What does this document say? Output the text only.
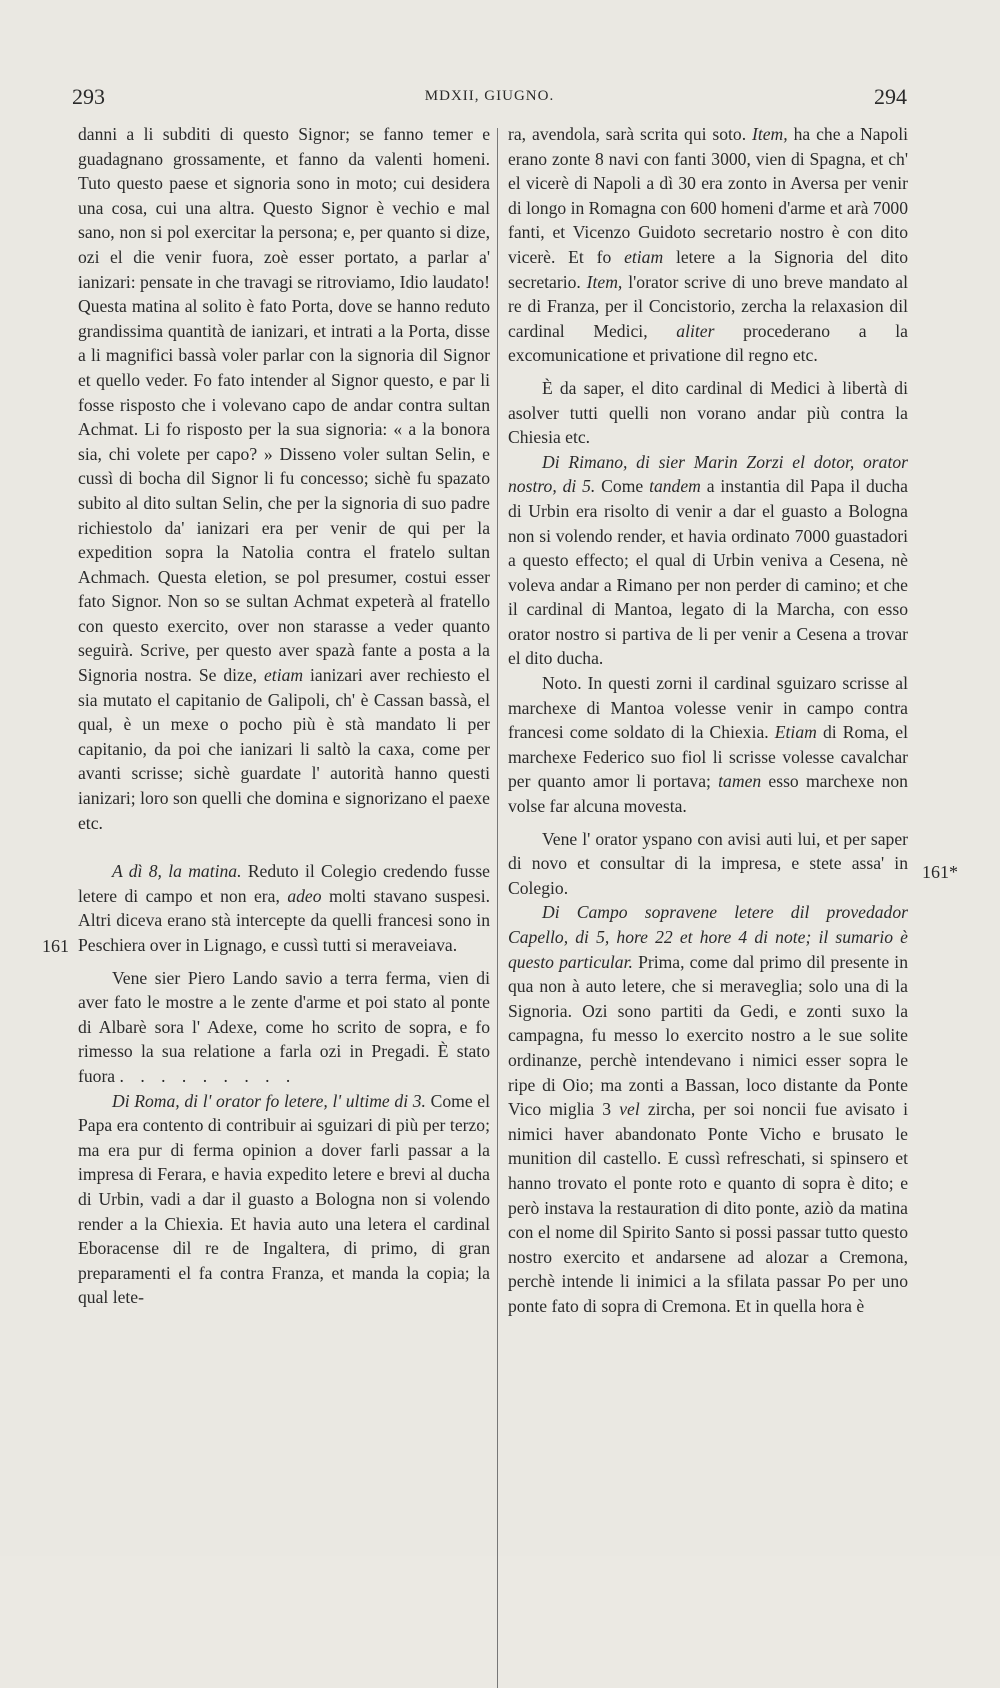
293	MDXII, GIUGNO.	294
161
161*

danni a li subditi di questo Signor; se fanno temer e guadagnano grossamente, et fanno da valenti homeni. Tuto questo paese et signoria sono in moto; cui desidera una cosa, cui una altra. Questo Signor è vechio e mal sano, non si pol exercitar la persona; e, per quanto si dize, ozi el die venir fuora, zoè esser portato, a parlar a' ianizari: pensate in che travagi se ritroviamo, Idio laudato! Questa matina al solito è fato Porta, dove se hanno reduto grandissima quantità de ianizari, et intrati a la Porta, disse a li magnifici bassà voler parlar con la signoria dil Signor et quello veder. Fo fato intender al Signor questo, e par li fosse risposto che i volevano capo de andar contra sultan Achmat. Li fo risposto per la sua signoria: « a la bonora sia, chi volete per capo? » Disseno voler sultan Selin, e cussì di bocha dil Signor li fu concesso; sichè fu spazato subito al dito sultan Selin, che per la signoria di suo padre richiestolo da' ianizari era per venir de qui per la expedition sopra la Natolia contra el fratelo sultan Achmach. Questa eletion, se pol presumer, costui esser fato Signor. Non so se sultan Achmat expeterà al fratello con questo exercito, over non starasse a veder quanto seguirà. Scrive, per questo aver spazà fante a posta a la Signoria nostra. Se dize, etiam ianizari aver rechiesto el sia mutato el capitanio de Galipoli, ch' è Cassan bassà, el qual, è un mexe o pocho più è stà mandato li per capitanio, da poi che ianizari li saltò la caxa, come per avanti scrisse; sichè guardate l' autorità hanno questi ianizari; loro son quelli che domina e signorizano el paexe etc.

A dì 8, la matina. Reduto il Colegio credendo fusse letere di campo et non era, adeo molti stavano suspesi. Altri diceva erano stà intercepte da quelli francesi sono in Peschiera over in Lignago, e cussì tutti si meraveiava.

Vene sier Piero Lando savio a terra ferma, vien di aver fato le mostre a le zente d'arme et poi stato al ponte di Albarè sora l' Adexe, come ho scrito de sopra, e fo rimesso la sua relatione a farla ozi in Pregadi. È stato fuora . . . . . . . . .

Di Roma, di l' orator fo letere, l' ultime di 3. Come el Papa era contento di contribuir ai sguizari di più per terzo; ma era pur di ferma opinion a dover farli passar a la impresa di Ferara, e havia expedito letere e brevi al ducha di Urbin, vadi a dar il guasto a Bologna non si volendo render a la Chiexia. Et havia auto una letera el cardinal Eboracense dil re de Ingaltera, di primo, di gran preparamenti el fa contra Franza, et manda la copia; la qual lete-

ra, avendola, sarà scrita qui soto. Item, ha che a Napoli erano zonte 8 navi con fanti 3000, vien di Spagna, et ch' el vicerè di Napoli a dì 30 era zonto in Aversa per venir di longo in Romagna con 600 homeni d'arme et arà 7000 fanti, et Vicenzo Guidoto secretario nostro è con dito vicerè. Et fo etiam letere a la Signoria del dito secretario. Item, l'orator scrive di uno breve mandato al re di Franza, per il Concistorio, zercha la relaxasion dil cardinal Medici, aliter procederano a la excomunicatione et privatione dil regno etc.

È da saper, el dito cardinal di Medici à libertà di asolver tutti quelli non vorano andar più contra la Chiesia etc.

Di Rimano, di sier Marin Zorzi el dotor, orator nostro, di 5. Come tandem a instantia dil Papa il ducha di Urbin era risolto di venir a dar el guasto a Bologna non si volendo render, et havia ordinato 7000 guastadori a questo effecto; el qual di Urbin veniva a Cesena, nè voleva andar a Rimano per non perder di camino; et che il cardinal di Mantoa, legato di la Marcha, con esso orator nostro si partiva de li per venir a Cesena a trovar el dito ducha.

Noto. In questi zorni il cardinal sguizaro scrisse al marchexe di Mantoa volesse venir in campo contra francesi come soldato di la Chiexia. Etiam di Roma, el marchexe Federico suo fiol li scrisse volesse cavalchar per quanto amor li portava; tamen esso marchexe non volse far alcuna movesta.

Vene l' orator yspano con avisi auti lui, et per saper di novo et consultar di la impresa, e stete assa' in Colegio.

Di Campo sopravene letere dil provedador Capello, di 5, hore 22 et hore 4 di note; il sumario è questo particular. Prima, come dal primo dil presente in qua non à auto letere, che si meraveglia; solo una di la Signoria. Ozi sono partiti da Gedi, e zonti suxo la campagna, fu messo lo exercito nostro a le sue solite ordinanze, perchè intendevano i nimici esser sopra le ripe di Oio; ma zonti a Bassan, loco distante da Ponte Vico miglia 3 vel zircha, per soi noncii fue avisato i nimici haver abandonato Ponte Vicho e brusato le munition dil castello. E cussì refreschati, si spinsero et hanno trovato el ponte roto e quanto di sopra è dito; e però instava la restauration di dito ponte, aziò da matina con el nome dil Spirito Santo si possi passar tutto questo nostro exercito et andarsene ad alozar a Cremona, perchè intende li inimici a la sfilata passar Po per uno ponte fato di sopra di Cremona. Et in quella hora è
